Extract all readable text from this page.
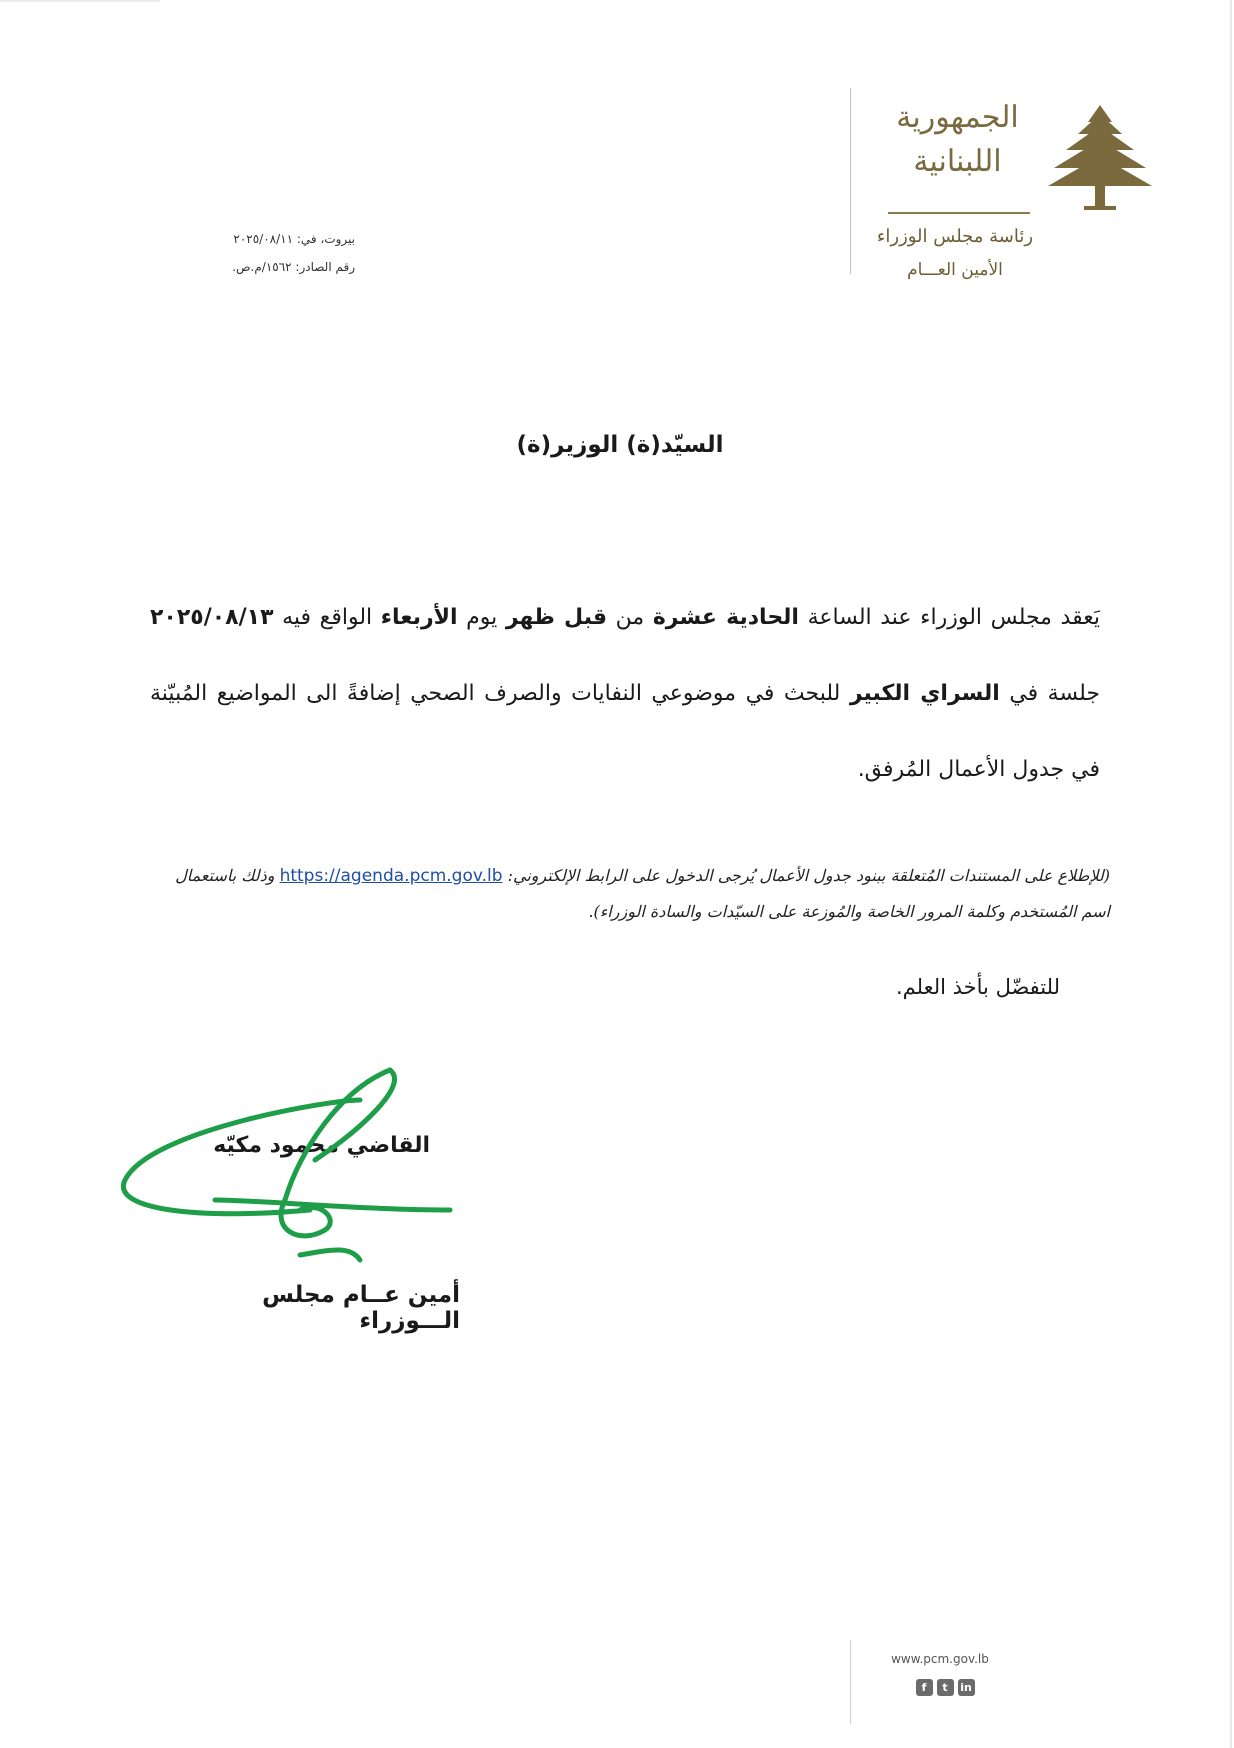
الجمهورية اللبنانية
رئاسة مجلس الوزراء
الأمين العـــام
بيروت، في: ٢٠٢٥/٠٨/١١
رقم الصادر: ١٥٦٢/م.ص.
السيّد(ة) الوزير(ة)
يَعقد مجلس الوزراء عند الساعة الحادية عشرة من قبل ظهر يوم الأربعاء الواقع فيه ٢٠٢٥/٠٨/١٣ جلسة في السراي الكبير للبحث في موضوعي النفايات والصرف الصحي إضافةً الى المواضيع المُبيّنة في جدول الأعمال المُرفق.
(للإطلاع على المستندات المُتعلقة ببنود جدول الأعمال يُرجى الدخول على الرابط الإلكتروني: https://agenda.pcm.gov.lb وذلك باستعمال اسم المُستخدم وكلمة المرور الخاصة والمُوزعة على السيّدات والسادة الوزراء).
للتفضّل بأخذ العلم.
القاضي محمود مكيّه
أمين عــام مجلس الـــوزراء
www.pcm.gov.lb
f	t	in
